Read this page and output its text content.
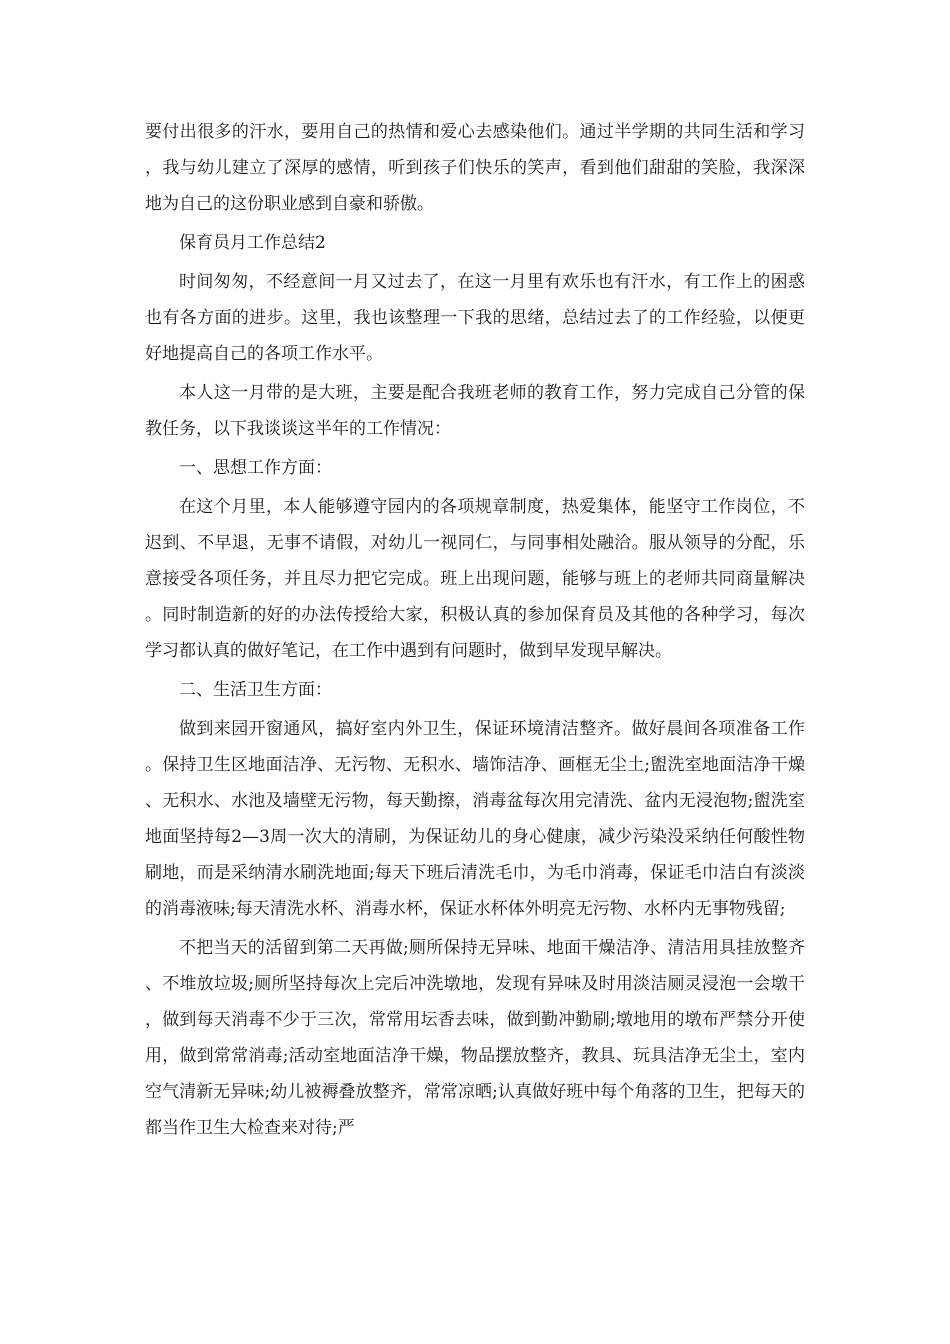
要付出很多的汗水，要用自己的热情和爱心去感染他们。通过半学期的共同生活和学习，我与幼儿建立了深厚的感情，听到孩子们快乐的笑声，看到他们甜甜的笑脸，我深深地为自己的这份职业感到自豪和骄傲。

保育员月工作总结2

时间匆匆，不经意间一月又过去了，在这一月里有欢乐也有汗水，有工作上的困惑也有各方面的进步。这里，我也该整理一下我的思绪，总结过去了的工作经验，以便更好地提高自己的各项工作水平。

本人这一月带的是大班，主要是配合我班老师的教育工作，努力完成自己分管的保教任务，以下我谈谈这半年的工作情况：

一、思想工作方面：

在这个月里，本人能够遵守园内的各项规章制度，热爱集体，能坚守工作岗位，不迟到、不早退，无事不请假，对幼儿一视同仁，与同事相处融洽。服从领导的分配，乐意接受各项任务，并且尽力把它完成。班上出现问题，能够与班上的老师共同商量解决。同时制造新的好的办法传授给大家，积极认真的参加保育员及其他的各种学习，每次学习都认真的做好笔记，在工作中遇到有问题时，做到早发现早解决。

二、生活卫生方面：

做到来园开窗通风，搞好室内外卫生，保证环境清洁整齐。做好晨间各项准备工作。保持卫生区地面洁净、无污物、无积水、墙饰洁净、画框无尘土;盥洗室地面洁净干燥、无积水、水池及墙壁无污物，每天勤擦，消毒盆每次用完清洗、盆内无浸泡物;盥洗室地面坚持每2—3周一次大的清刷，为保证幼儿的身心健康，减少污染没采纳任何酸性物刷地，而是采纳清水刷洗地面;每天下班后清洗毛巾，为毛巾消毒，保证毛巾洁白有淡淡的消毒液味;每天清洗水杯、消毒水杯，保证水杯体外明亮无污物、水杯内无事物残留;

不把当天的活留到第二天再做;厕所保持无异味、地面干燥洁净、清洁用具挂放整齐、不堆放垃圾;厕所坚持每次上完后冲洗墩地，发现有异味及时用淡洁厕灵浸泡一会墩干，做到每天消毒不少于三次，常常用坛香去味，做到勤冲勤刷;墩地用的墩布严禁分开使用，做到常常消毒;活动室地面洁净干燥，物品摆放整齐，教具、玩具洁净无尘土，室内空气清新无异味;幼儿被褥叠放整齐，常常凉晒;认真做好班中每个角落的卫生，把每天的都当作卫生大检查来对待;严
